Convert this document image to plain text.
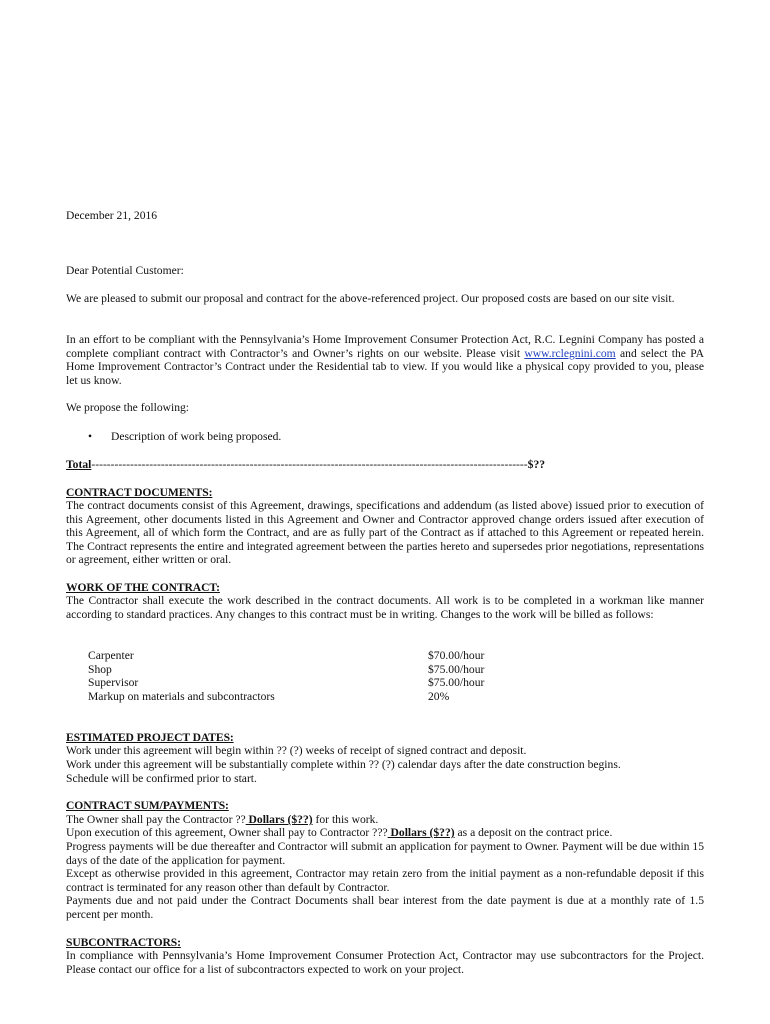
December 21, 2016

Dear Potential Customer:

We are pleased to submit our proposal and contract for the above-referenced project. Our proposed costs are based on our site visit.

In an effort to be compliant with the Pennsylvania’s Home Improvement Consumer Protection Act, R.C. Legnini Company has posted a complete compliant contract with Contractor’s and Owner’s rights on our website. Please visit www.rclegnini.com and select the PA Home Improvement Contractor’s Contract under the Residential tab to view. If you would like a physical copy provided to you, please let us know.

We propose the following:

• Description of work being proposed.

Total-----------------------------------------------------------------------------------------------------------------$??

CONTRACT DOCUMENTS:

The contract documents consist of this Agreement, drawings, specifications and addendum (as listed above) issued prior to execution of this Agreement, other documents listed in this Agreement and Owner and Contractor approved change orders issued after execution of this Agreement, all of which form the Contract, and are as fully part of the Contract as if attached to this Agreement or repeated herein. The Contract represents the entire and integrated agreement between the parties hereto and supersedes prior negotiations, representations or agreement, either written or oral.

WORK OF THE CONTRACT:

The Contractor shall execute the work described in the contract documents. All work is to be completed in a workman like manner according to standard practices. Any changes to this contract must be in writing. Changes to the work will be billed as follows:

Carpenter	$70.00/hour
Shop	$75.00/hour
Supervisor	$75.00/hour
Markup on materials and subcontractors	20%

ESTIMATED PROJECT DATES:

Work under this agreement will begin within ?? (?) weeks of receipt of signed contract and deposit.

Work under this agreement will be substantially complete within ?? (?) calendar days after the date construction begins.

Schedule will be confirmed prior to start.

CONTRACT SUM/PAYMENTS:

The Owner shall pay the Contractor ?? Dollars ($??) for this work.

Upon execution of this agreement, Owner shall pay to Contractor ??? Dollars ($??) as a deposit on the contract price.

Progress payments will be due thereafter and Contractor will submit an application for payment to Owner. Payment will be due within 15 days of the date of the application for payment.

Except as otherwise provided in this agreement, Contractor may retain zero from the initial payment as a non-refundable deposit if this contract is terminated for any reason other than default by Contractor.

Payments due and not paid under the Contract Documents shall bear interest from the date payment is due at a monthly rate of 1.5 percent per month.

SUBCONTRACTORS:

In compliance with Pennsylvania’s Home Improvement Consumer Protection Act, Contractor may use subcontractors for the Project. Please contact our office for a list of subcontractors expected to work on your project.
